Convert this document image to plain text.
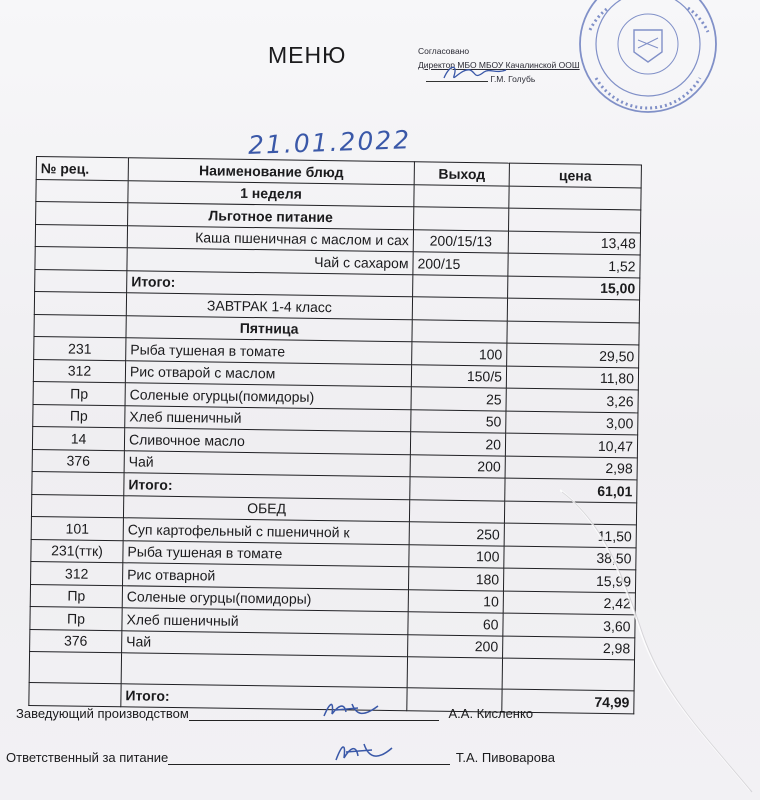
МЕНЮ	Согласовано
Директор МБО МБОУ Качалинской ООШ
Г.М. Голубь
21.01.2022
№ рец.	Наименование блюд	Выход	цена
	1 неделя		
	Льготное питание		
	Каша пшеничная с маслом и сах	200/15/13	13,48
	Чай с сахаром	200/15	1,52
	Итого:		15,00
	ЗАВТРАК 1-4 класс		
	Пятница		
231	Рыба тушеная в томате	100	29,50
312	Рис отварой с маслом	150/5	11,80
Пр	Соленые огурцы(помидоры)	25	3,26
Пр	Хлеб пшеничный	50	3,00
14	Сливочное масло	20	10,47
376	Чай	200	2,98
	Итого:		61,01
	ОБЕД		
101	Суп картофельный с пшеничной к	250	11,50
231(ттк)	Рыба тушеная в томате	100	38,50
312	Рис отварной	180	15,99
Пр	Соленые огурцы(помидоры)	10	2,42
Пр	Хлеб пшеничный	60	3,60
376	Чай	200	2,98

	Итого:		74,99
Заведующий производством	А.А. Кисленко
Ответственный за питание	Т.А. Пивоварова
